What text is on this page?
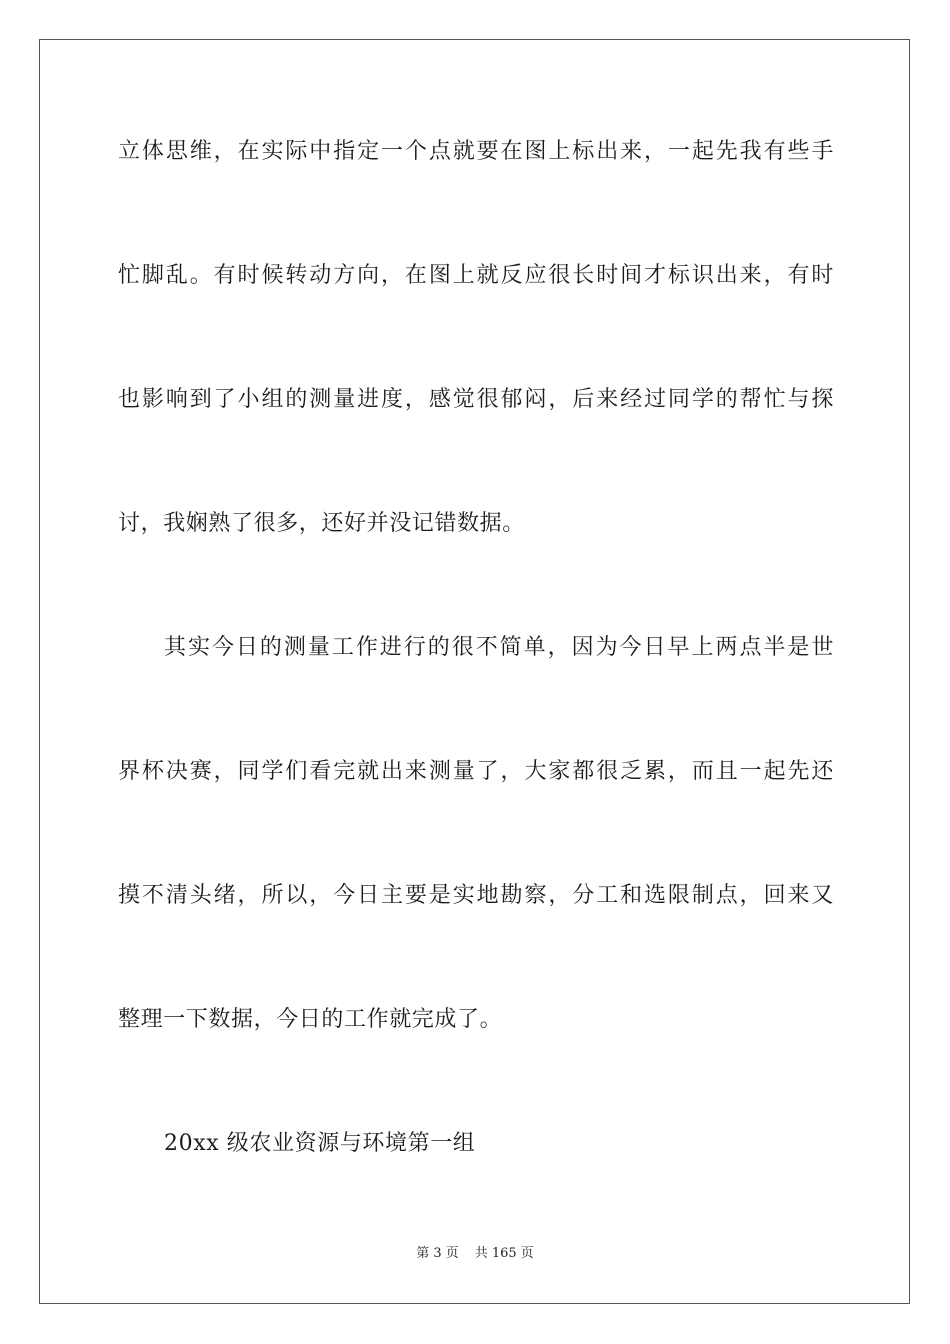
立体思维，在实际中指定一个点就要在图上标出来，一起先我有些手
忙脚乱。有时候转动方向，在图上就反应很长时间才标识出来，有时
也影响到了小组的测量进度，感觉很郁闷，后来经过同学的帮忙与探
讨，我娴熟了很多，还好并没记错数据。
其实今日的测量工作进行的很不简单，因为今日早上两点半是世
界杯决赛，同学们看完就出来测量了，大家都很乏累，而且一起先还
摸不清头绪，所以，今日主要是实地勘察，分工和选限制点，回来又
整理一下数据，今日的工作就完成了。
20xx 级农业资源与环境第一组
第 3 页 共 165 页
